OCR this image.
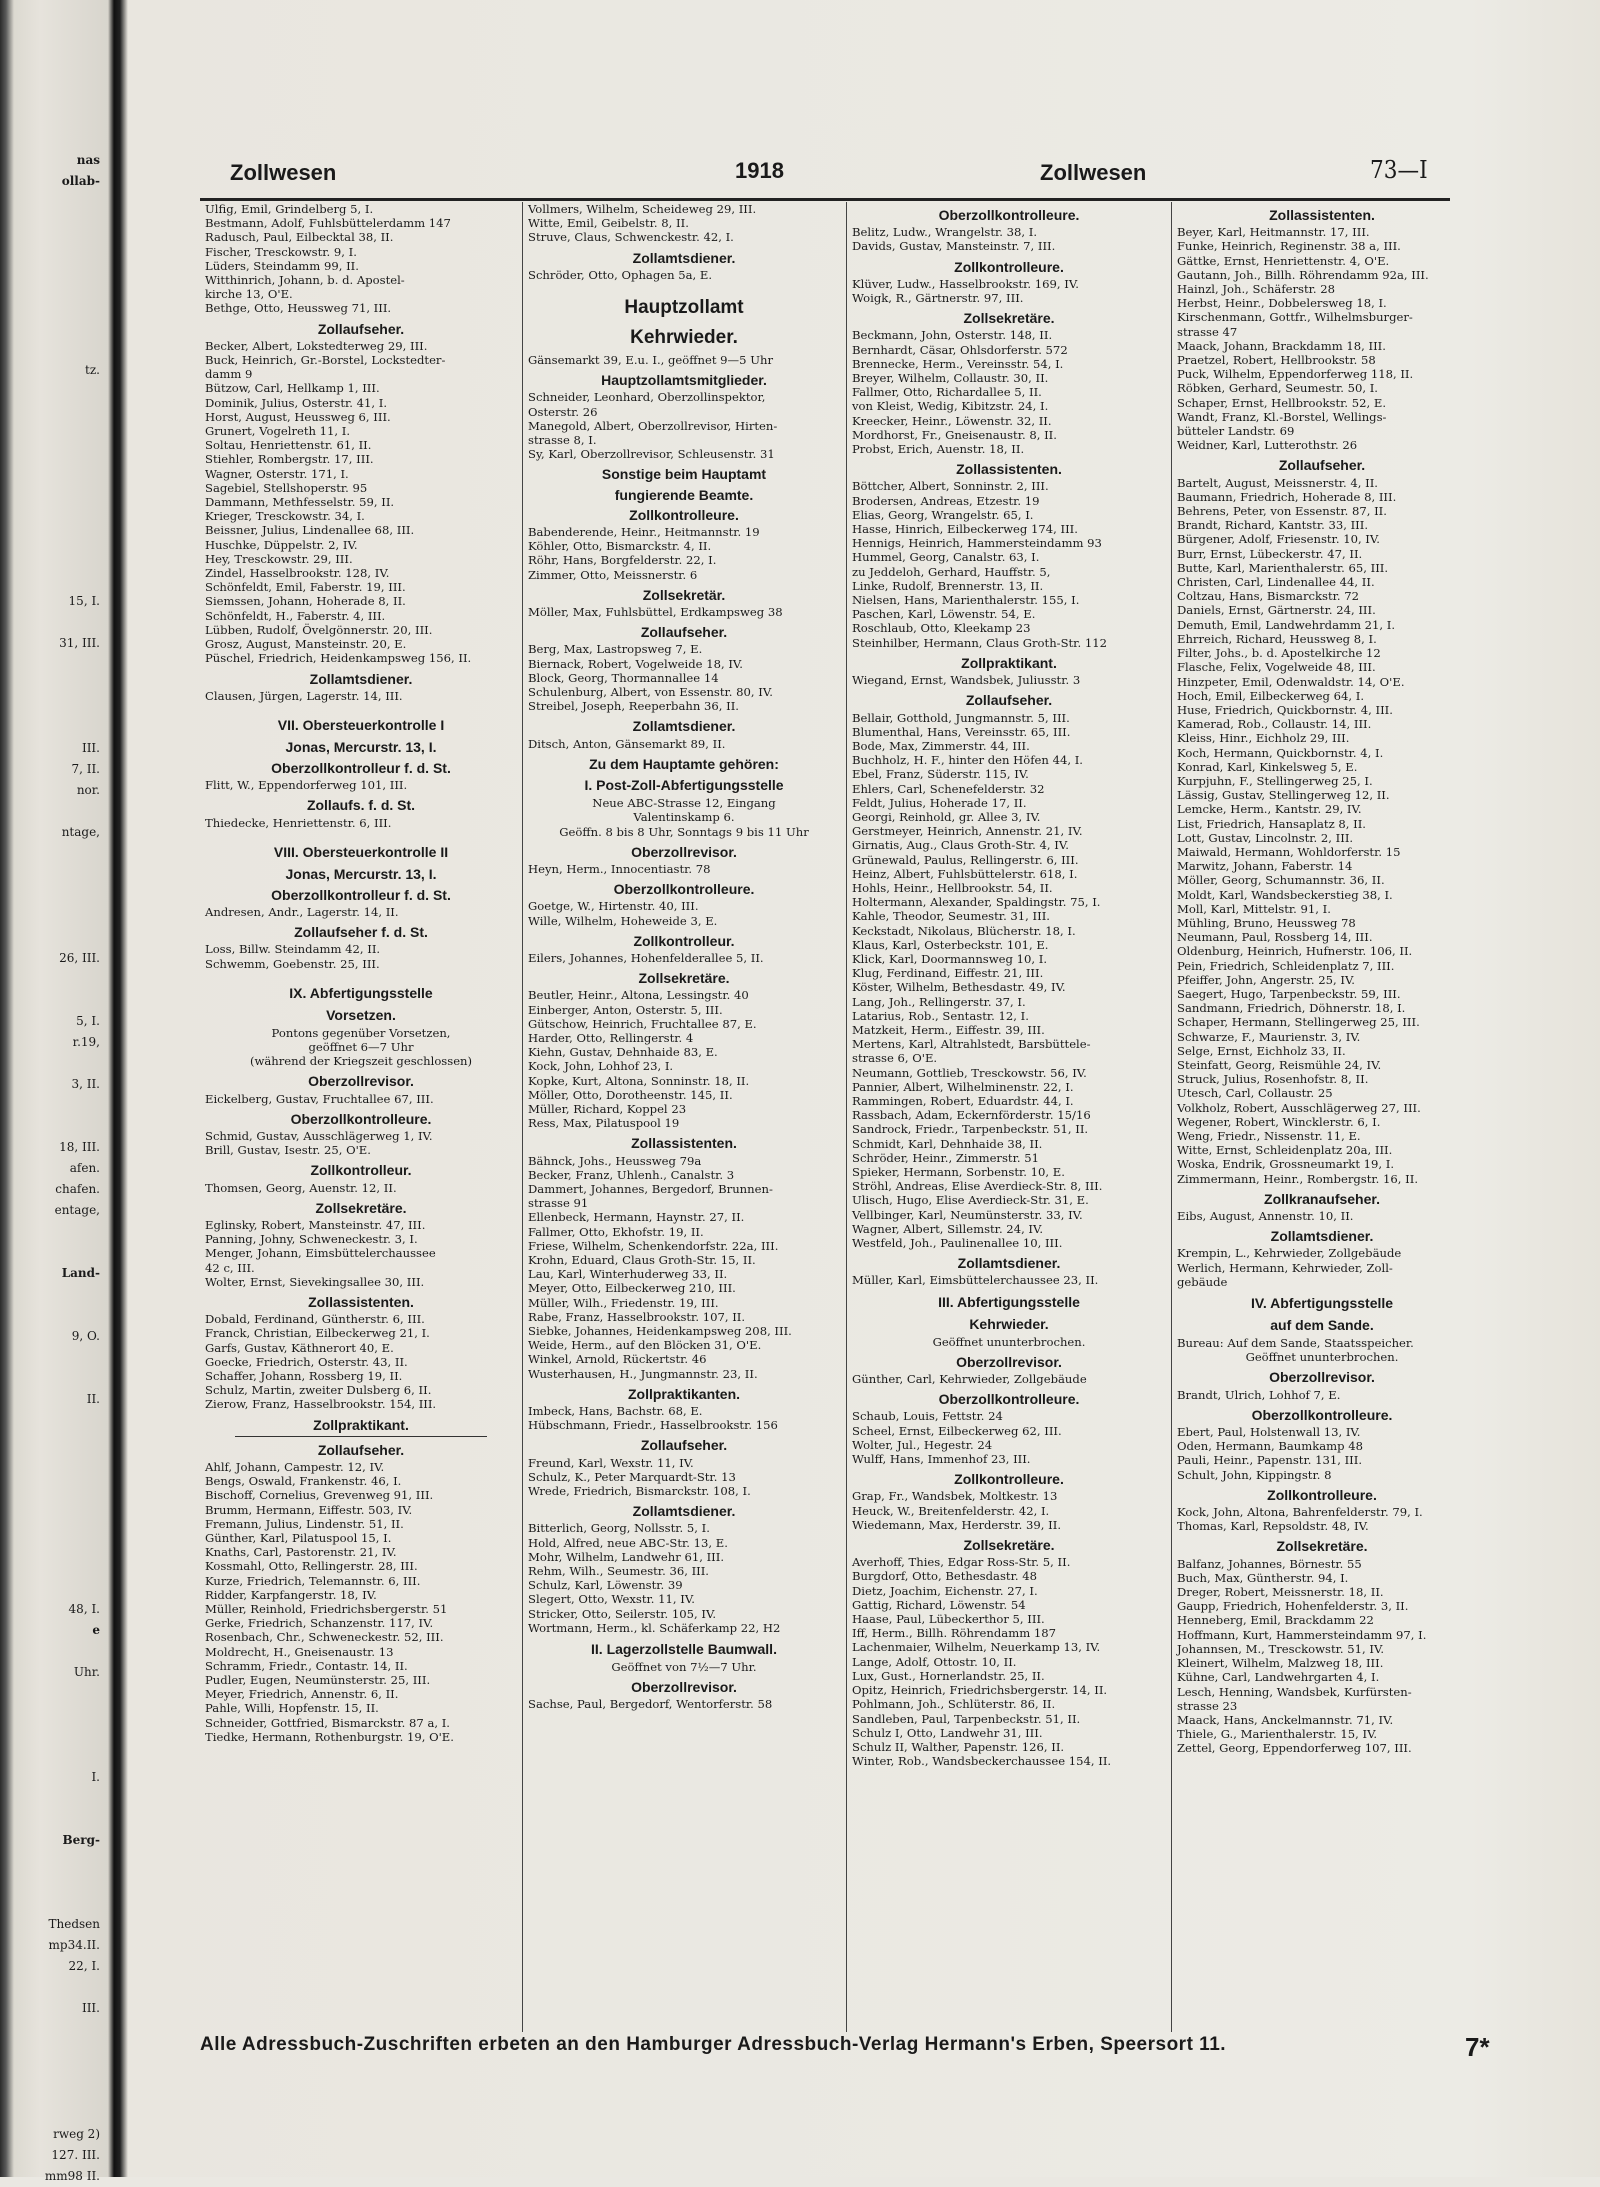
nas
ollab-

tz.

15, I.

31, III.

III.
7, II.
nor.

ntage,

26, III.

5, I.
r.19,

3, II.

18, III.
afen.
chafen.
entage,

Land-

9, O.

II.

48, I.
e

Uhr.

I.

Berg-

Thedsen
mp34.II.
22, I.

III.

rweg 2)
127. III.
mm98 II.
Zollwesen	1918	Zollwesen	73—I
Ulfig, Emil, Grindelberg 5, I.
Bestmann, Adolf, Fuhlsbüttelerdamm 147
Radusch, Paul, Eilbecktal 38, II.
Fischer, Tresckowstr. 9, I.
Lüders, Steindamm 99, II.
Witthinrich, Johann, b. d. Apostel-
kirche 13, O'E.
Bethge, Otto, Heussweg 71, III.
Zollaufseher.
Becker, Albert, Lokstedterweg 29, III.
Buck, Heinrich, Gr.-Borstel, Lockstedter-
damm 9
Bützow, Carl, Hellkamp 1, III.
Dominik, Julius, Osterstr. 41, I.
Horst, August, Heussweg 6, III.
Grunert, Vogelreth 11, I.
Soltau, Henriettenstr. 61, II.
Stiehler, Rombergstr. 17, III.
Wagner, Osterstr. 171, I.
Sagebiel, Stellshoperstr. 95
Dammann, Methfesselstr. 59, II.
Krieger, Tresckowstr. 34, I.
Beissner, Julius, Lindenallee 68, III.
Huschke, Düppelstr. 2, IV.
Hey, Tresckowstr. 29, III.
Zindel, Hasselbrookstr. 128, IV.
Schönfeldt, Emil, Faberstr. 19, III.
Siemssen, Johann, Hoherade 8, II.
Schönfeldt, H., Faberstr. 4, III.
Lübben, Rudolf, Övelgönnerstr. 20, III.
Grosz, August, Mansteinstr. 20, E.
Püschel, Friedrich, Heidenkampsweg 156, II.
Zollamtsdiener.
Clausen, Jürgen, Lagerstr. 14, III.
VII. Obersteuerkontrolle I
Jonas, Mercurstr. 13, I.
Oberzollkontrolleur f. d. St.
Flitt, W., Eppendorferweg 101, III.
Zollaufs. f. d. St.
Thiedecke, Henriettenstr. 6, III.
VIII. Obersteuerkontrolle II
Jonas, Mercurstr. 13, I.
Oberzollkontrolleur f. d. St.
Andresen, Andr., Lagerstr. 14, II.
Zollaufseher f. d. St.
Loss, Billw. Steindamm 42, II.
Schwemm, Goebenstr. 25, III.
IX. Abfertigungsstelle
Vorsetzen.
Pontons gegenüber Vorsetzen,
geöffnet 6—7 Uhr
(während der Kriegszeit geschlossen)
Oberzollrevisor.
Eickelberg, Gustav, Fruchtallee 67, III.
Oberzollkontrolleure.
Schmid, Gustav, Ausschlägerweg 1, IV.
Brill, Gustav, Isestr. 25, O'E.
Zollkontrolleur.
Thomsen, Georg, Auenstr. 12, II.
Zollsekretäre.
Eglinsky, Robert, Mansteinstr. 47, III.
Panning, Johny, Schweneckestr. 3, I.
Menger, Johann, Eimsbüttelerchaussee
42 c, III.
Wolter, Ernst, Sievekingsallee 30, III.
Zollassistenten.
Dobald, Ferdinand, Güntherstr. 6, III.
Franck, Christian, Eilbeckerweg 21, I.
Garfs, Gustav, Käthnerort 40, E.
Goecke, Friedrich, Osterstr. 43, II.
Schaffer, Johann, Rossberg 19, II.
Schulz, Martin, zweiter Dulsberg 6, II.
Zierow, Franz, Hasselbrookstr. 154, III.
Zollpraktikant.
Zollaufseher.
Ahlf, Johann, Campestr. 12, IV.
Bengs, Oswald, Frankenstr. 46, I.
Bischoff, Cornelius, Grevenweg 91, III.
Brumm, Hermann, Eiffestr. 503, IV.
Fremann, Julius, Lindenstr. 51, II.
Günther, Karl, Pilatuspool 15, I.
Knaths, Carl, Pastorenstr. 21, IV.
Kossmahl, Otto, Rellingerstr. 28, III.
Kurze, Friedrich, Telemannstr. 6, III.
Ridder, Karpfangerstr. 18, IV.
Müller, Reinhold, Friedrichsbergerstr. 51
Gerke, Friedrich, Schanzenstr. 117, IV.
Rosenbach, Chr., Schweneckestr. 52, III.
Moldrecht, H., Gneisenaustr. 13
Schramm, Friedr., Contastr. 14, II.
Pudler, Eugen, Neumünsterstr. 25, III.
Meyer, Friedrich, Annenstr. 6, II.
Pahle, Willi, Hopfenstr. 15, II.
Schneider, Gottfried, Bismarckstr. 87 a, I.
Tiedke, Hermann, Rothenburgstr. 19, O'E.
Vollmers, Wilhelm, Scheideweg 29, III.
Witte, Emil, Geibelstr. 8, II.
Struve, Claus, Schwenckestr. 42, I.
Zollamtsdiener.
Schröder, Otto, Ophagen 5a, E.
Hauptzollamt
Kehrwieder.
Gänsemarkt 39, E.u. I., geöffnet 9—5 Uhr
Hauptzollamtsmitglieder.
Schneider, Leonhard, Oberzollinspektor,
Osterstr. 26
Manegold, Albert, Oberzollrevisor, Hirten-
strasse 8, I.
Sy, Karl, Oberzollrevisor, Schleusenstr. 31
Sonstige beim Hauptamt
fungierende Beamte.
Zollkontrolleure.
Babenderende, Heinr., Heitmannstr. 19
Köhler, Otto, Bismarckstr. 4, II.
Röhr, Hans, Borgfelderstr. 22, I.
Zimmer, Otto, Meissnerstr. 6
Zollsekretär.
Möller, Max, Fuhlsbüttel, Erdkampsweg 38
Zollaufseher.
Berg, Max, Lastropsweg 7, E.
Biernack, Robert, Vogelweide 18, IV.
Block, Georg, Thormannallee 14
Schulenburg, Albert, von Essenstr. 80, IV.
Streibel, Joseph, Reeperbahn 36, II.
Zollamtsdiener.
Ditsch, Anton, Gänsemarkt 89, II.
Zu dem Hauptamte gehören:
I. Post-Zoll-Abfertigungsstelle
Neue ABC-Strasse 12, Eingang
Valentinskamp 6.
Geöffn. 8 bis 8 Uhr, Sonntags 9 bis 11 Uhr
Oberzollrevisor.
Heyn, Herm., Innocentiastr. 78
Oberzollkontrolleure.
Goetge, W., Hirtenstr. 40, III.
Wille, Wilhelm, Hoheweide 3, E.
Zollkontrolleur.
Eilers, Johannes, Hohenfelderallee 5, II.
Zollsekretäre.
Beutler, Heinr., Altona, Lessingstr. 40
Einberger, Anton, Osterstr. 5, III.
Gütschow, Heinrich, Fruchtallee 87, E.
Harder, Otto, Rellingerstr. 4
Kiehn, Gustav, Dehnhaide 83, E.
Kock, John, Lohhof 23, I.
Kopke, Kurt, Altona, Sonninstr. 18, II.
Möller, Otto, Dorotheenstr. 145, II.
Müller, Richard, Koppel 23
Ress, Max, Pilatuspool 19
Zollassistenten.
Bähnck, Johs., Heussweg 79a
Becker, Franz, Uhlenh., Canalstr. 3
Dammert, Johannes, Bergedorf, Brunnen-
strasse 91
Ellenbeck, Hermann, Haynstr. 27, II.
Fallmer, Otto, Ekhofstr. 19, II.
Friese, Wilhelm, Schenkendorfstr. 22a, III.
Krohn, Eduard, Claus Groth-Str. 15, II.
Lau, Karl, Winterhuderweg 33, II.
Meyer, Otto, Eilbeckerweg 210, III.
Müller, Wilh., Friedenstr. 19, III.
Rabe, Franz, Hasselbrookstr. 107, II.
Siebke, Johannes, Heidenkampsweg 208, III.
Weide, Herm., auf den Blöcken 31, O'E.
Winkel, Arnold, Rückertstr. 46
Wusterhausen, H., Jungmannstr. 23, II.
Zollpraktikanten.
Imbeck, Hans, Bachstr. 68, E.
Hübschmann, Friedr., Hasselbrookstr. 156
Zollaufseher.
Freund, Karl, Wexstr. 11, IV.
Schulz, K., Peter Marquardt-Str. 13
Wrede, Friedrich, Bismarckstr. 108, I.
Zollamtsdiener.
Bitterlich, Georg, Nollsstr. 5, I.
Hold, Alfred, neue ABC-Str. 13, E.
Mohr, Wilhelm, Landwehr 61, III.
Rehm, Wilh., Seumestr. 36, III.
Schulz, Karl, Löwenstr. 39
Slegert, Otto, Wexstr. 11, IV.
Stricker, Otto, Seilerstr. 105, IV.
Wortmann, Herm., kl. Schäferkamp 22, H2
II. Lagerzollstelle Baumwall.
Geöffnet von 7½—7 Uhr.
Oberzollrevisor.
Sachse, Paul, Bergedorf, Wentorferstr. 58
Oberzollkontrolleure.
Belitz, Ludw., Wrangelstr. 38, I.
Davids, Gustav, Mansteinstr. 7, III.
Zollkontrolleure.
Klüver, Ludw., Hasselbrookstr. 169, IV.
Woigk, R., Gärtnerstr. 97, III.
Zollsekretäre.
Beckmann, John, Osterstr. 148, II.
Bernhardt, Cäsar, Ohlsdorferstr. 572
Brennecke, Herm., Vereinsstr. 54, I.
Breyer, Wilhelm, Collaustr. 30, II.
Fallmer, Otto, Richardallee 5, II.
von Kleist, Wedig, Kibitzstr. 24, I.
Kreecker, Heinr., Löwenstr. 32, II.
Mordhorst, Fr., Gneisenaustr. 8, II.
Probst, Erich, Auenstr. 18, II.
Zollassistenten.
Böttcher, Albert, Sonninstr. 2, III.
Brodersen, Andreas, Etzestr. 19
Elias, Georg, Wrangelstr. 65, I.
Hasse, Hinrich, Eilbeckerweg 174, III.
Hennigs, Heinrich, Hammersteindamm 93
Hummel, Georg, Canalstr. 63, I.
zu Jeddeloh, Gerhard, Hauffstr. 5,
Linke, Rudolf, Brennerstr. 13, II.
Nielsen, Hans, Marienthalerstr. 155, I.
Paschen, Karl, Löwenstr. 54, E.
Roschlaub, Otto, Kleekamp 23
Steinhilber, Hermann, Claus Groth-Str. 112
Zollpraktikant.
Wiegand, Ernst, Wandsbek, Juliusstr. 3
Zollaufseher.
Bellair, Gotthold, Jungmannstr. 5, III.
Blumenthal, Hans, Vereinsstr. 65, III.
Bode, Max, Zimmerstr. 44, III.
Buchholz, H. F., hinter den Höfen 44, I.
Ebel, Franz, Süderstr. 115, IV.
Ehlers, Carl, Schenefelderstr. 32
Feldt, Julius, Hoherade 17, II.
Georgi, Reinhold, gr. Allee 3, IV.
Gerstmeyer, Heinrich, Annenstr. 21, IV.
Girnatis, Aug., Claus Groth-Str. 4, IV.
Grünewald, Paulus, Rellingerstr. 6, III.
Heinz, Albert, Fuhlsbüttelerstr. 618, I.
Hohls, Heinr., Hellbrookstr. 54, II.
Holtermann, Alexander, Spaldingstr. 75, I.
Kahle, Theodor, Seumestr. 31, III.
Keckstadt, Nikolaus, Blücherstr. 18, I.
Klaus, Karl, Osterbeckstr. 101, E.
Klick, Karl, Doormannsweg 10, I.
Klug, Ferdinand, Eiffestr. 21, III.
Köster, Wilhelm, Bethesdastr. 49, IV.
Lang, Joh., Rellingerstr. 37, I.
Latarius, Rob., Sentastr. 12, I.
Matzkeit, Herm., Eiffestr. 39, III.
Mertens, Karl, Altrahlstedt, Barsbüttele-
strasse 6, O'E.
Neumann, Gottlieb, Tresckowstr. 56, IV.
Pannier, Albert, Wilhelminenstr. 22, I.
Rammingen, Robert, Eduardstr. 44, I.
Rassbach, Adam, Eckernförderstr. 15/16
Sandrock, Friedr., Tarpenbeckstr. 51, II.
Schmidt, Karl, Dehnhaide 38, II.
Schröder, Heinr., Zimmerstr. 51
Spieker, Hermann, Sorbenstr. 10, E.
Ströhl, Andreas, Elise Averdieck-Str. 8, III.
Ulisch, Hugo, Elise Averdieck-Str. 31, E.
Vellbinger, Karl, Neumünsterstr. 33, IV.
Wagner, Albert, Sillemstr. 24, IV.
Westfeld, Joh., Paulinenallee 10, III.
Zollamtsdiener.
Müller, Karl, Eimsbüttelerchaussee 23, II.
III. Abfertigungsstelle
Kehrwieder.
Geöffnet ununterbrochen.
Oberzollrevisor.
Günther, Carl, Kehrwieder, Zollgebäude
Oberzollkontrolleure.
Schaub, Louis, Fettstr. 24
Scheel, Ernst, Eilbeckerweg 62, III.
Wolter, Jul., Hegestr. 24
Wulff, Hans, Immenhof 23, III.
Zollkontrolleure.
Grap, Fr., Wandsbek, Moltkestr. 13
Heuck, W., Breitenfelderstr. 42, I.
Wiedemann, Max, Herderstr. 39, II.
Zollsekretäre.
Averhoff, Thies, Edgar Ross-Str. 5, II.
Burgdorf, Otto, Bethesdastr. 48
Dietz, Joachim, Eichenstr. 27, I.
Gattig, Richard, Löwenstr. 54
Haase, Paul, Lübeckerthor 5, III.
Iff, Herm., Billh. Röhrendamm 187
Lachenmaier, Wilhelm, Neuerkamp 13, IV.
Lange, Adolf, Ottostr. 10, II.
Lux, Gust., Hornerlandstr. 25, II.
Opitz, Heinrich, Friedrichsbergerstr. 14, II.
Pohlmann, Joh., Schlüterstr. 86, II.
Sandleben, Paul, Tarpenbeckstr. 51, II.
Schulz I, Otto, Landwehr 31, III.
Schulz II, Walther, Papenstr. 126, II.
Winter, Rob., Wandsbeckerchaussee 154, II.
Zollassistenten.
Beyer, Karl, Heitmannstr. 17, III.
Funke, Heinrich, Reginenstr. 38 a, III.
Gättke, Ernst, Henriettenstr. 4, O'E.
Gautann, Joh., Billh. Röhrendamm 92a, III.
Hainzl, Joh., Schäferstr. 28
Herbst, Heinr., Dobbelersweg 18, I.
Kirschenmann, Gottfr., Wilhelmsburger-
strasse 47
Maack, Johann, Brackdamm 18, III.
Praetzel, Robert, Hellbrookstr. 58
Puck, Wilhelm, Eppendorferweg 118, II.
Röbken, Gerhard, Seumestr. 50, I.
Schaper, Ernst, Hellbrookstr. 52, E.
Wandt, Franz, Kl.-Borstel, Wellings-
bütteler Landstr. 69
Weidner, Karl, Lutterothstr. 26
Zollaufseher.
Bartelt, August, Meissnerstr. 4, II.
Baumann, Friedrich, Hoherade 8, III.
Behrens, Peter, von Essenstr. 87, II.
Brandt, Richard, Kantstr. 33, III.
Bürgener, Adolf, Friesenstr. 10, IV.
Burr, Ernst, Lübeckerstr. 47, II.
Butte, Karl, Marienthalerstr. 65, III.
Christen, Carl, Lindenallee 44, II.
Coltzau, Hans, Bismarckstr. 72
Daniels, Ernst, Gärtnerstr. 24, III.
Demuth, Emil, Landwehrdamm 21, I.
Ehrreich, Richard, Heussweg 8, I.
Filter, Johs., b. d. Apostelkirche 12
Flasche, Felix, Vogelweide 48, III.
Hinzpeter, Emil, Odenwaldstr. 14, O'E.
Hoch, Emil, Eilbeckerweg 64, I.
Huse, Friedrich, Quickbornstr. 4, III.
Kamerad, Rob., Collaustr. 14, III.
Kleiss, Hinr., Eichholz 29, III.
Koch, Hermann, Quickbornstr. 4, I.
Konrad, Karl, Kinkelsweg 5, E.
Kurpjuhn, F., Stellingerweg 25, I.
Lässig, Gustav, Stellingerweg 12, II.
Lemcke, Herm., Kantstr. 29, IV.
List, Friedrich, Hansaplatz 8, II.
Lott, Gustav, Lincolnstr. 2, III.
Maiwald, Hermann, Wohldorferstr. 15
Marwitz, Johann, Faberstr. 14
Möller, Georg, Schumannstr. 36, II.
Moldt, Karl, Wandsbeckerstieg 38, I.
Moll, Karl, Mittelstr. 91, I.
Mühling, Bruno, Heussweg 78
Neumann, Paul, Rossberg 14, III.
Oldenburg, Heinrich, Hufnerstr. 106, II.
Pein, Friedrich, Schleidenplatz 7, III.
Pfeiffer, John, Angerstr. 25, IV.
Saegert, Hugo, Tarpenbeckstr. 59, III.
Sandmann, Friedrich, Döhnerstr. 18, I.
Schaper, Hermann, Stellingerweg 25, III.
Schwarze, F., Maurienstr. 3, IV.
Selge, Ernst, Eichholz 33, II.
Steinfatt, Georg, Reismühle 24, IV.
Struck, Julius, Rosenhofstr. 8, II.
Utesch, Carl, Collaustr. 25
Volkholz, Robert, Ausschlägerweg 27, III.
Wegener, Robert, Wincklerstr. 6, I.
Weng, Friedr., Nissenstr. 11, E.
Witte, Ernst, Schleidenplatz 20a, III.
Woska, Endrik, Grossneumarkt 19, I.
Zimmermann, Heinr., Rombergstr. 16, II.
Zollkranaufseher.
Eibs, August, Annenstr. 10, II.
Zollamtsdiener.
Krempin, L., Kehrwieder, Zollgebäude
Werlich, Hermann, Kehrwieder, Zoll-
gebäude
IV. Abfertigungsstelle
auf dem Sande.
Bureau: Auf dem Sande, Staatsspeicher.
Geöffnet ununterbrochen.
Oberzollrevisor.
Brandt, Ulrich, Lohhof 7, E.
Oberzollkontrolleure.
Ebert, Paul, Holstenwall 13, IV.
Oden, Hermann, Baumkamp 48
Pauli, Heinr., Papenstr. 131, III.
Schult, John, Kippingstr. 8
Zollkontrolleure.
Kock, John, Altona, Bahrenfelderstr. 79, I.
Thomas, Karl, Repsoldstr. 48, IV.
Zollsekretäre.
Balfanz, Johannes, Börnestr. 55
Buch, Max, Güntherstr. 94, I.
Dreger, Robert, Meissnerstr. 18, II.
Gaupp, Friedrich, Hohenfelderstr. 3, II.
Henneberg, Emil, Brackdamm 22
Hoffmann, Kurt, Hammersteindamm 97, I.
Johannsen, M., Tresckowstr. 51, IV.
Kleinert, Wilhelm, Malzweg 18, III.
Kühne, Carl, Landwehrgarten 4, I.
Lesch, Henning, Wandsbek, Kurfürsten-
strasse 23
Maack, Hans, Anckelmannstr. 71, IV.
Thiele, G., Marienthalerstr. 15, IV.
Zettel, Georg, Eppendorferweg 107, III.
Alle Adressbuch-Zuschriften erbeten an den Hamburger Adressbuch-Verlag Hermann's Erben, Speersort 11.	7*
